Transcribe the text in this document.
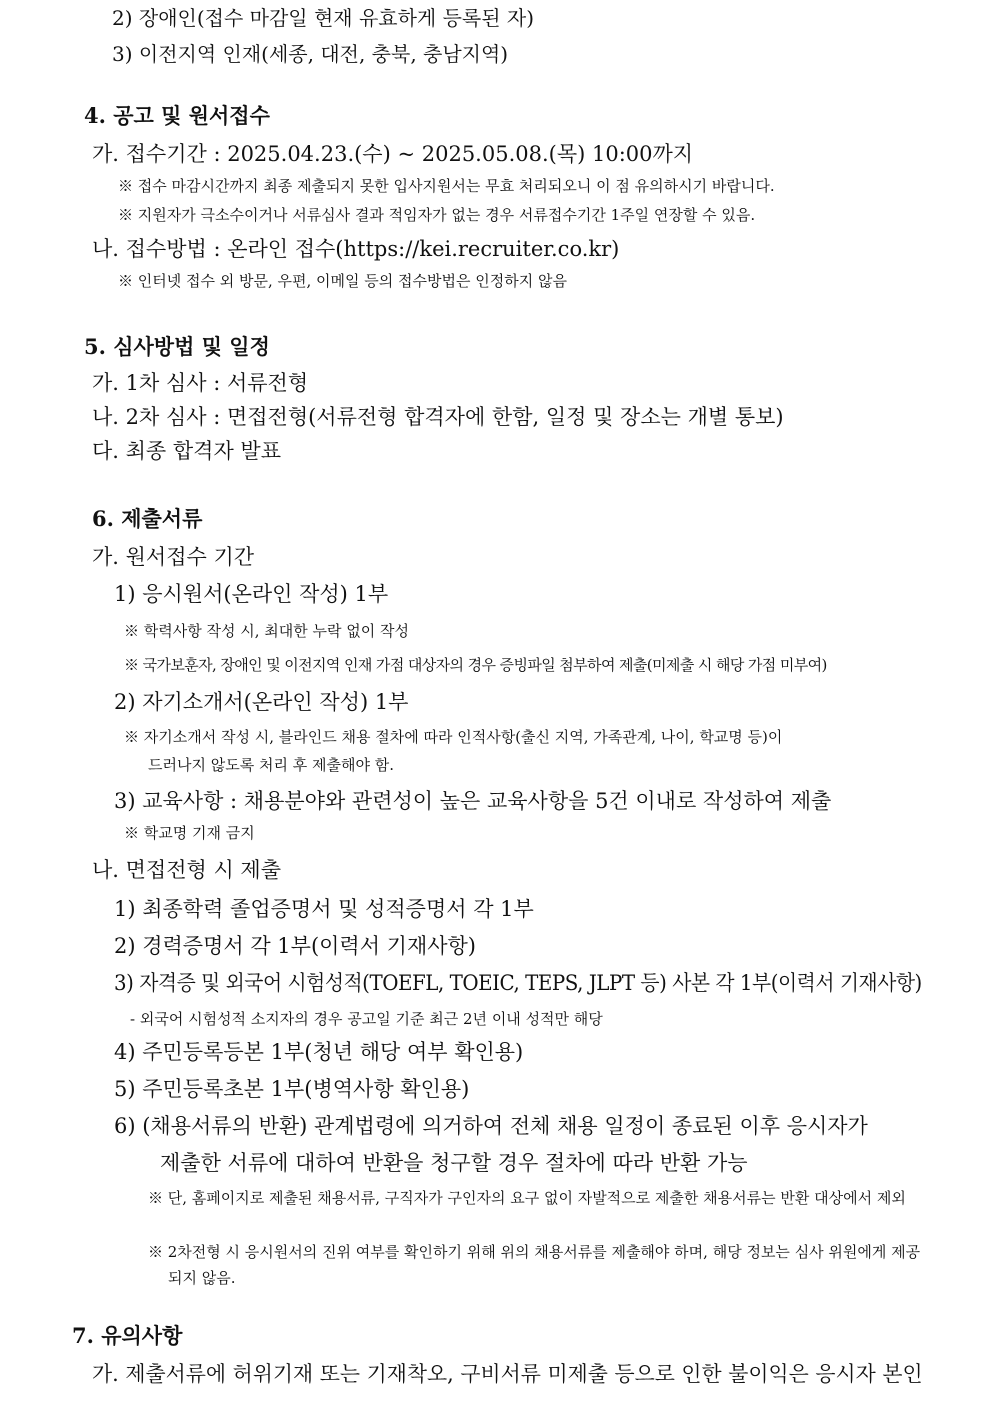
2) 장애인(접수 마감일 현재 유효하게 등록된 자)
3) 이전지역 인재(세종, 대전, 충북, 충남지역)
4. 공고 및 원서접수
가. 접수기간 : 2025.04.23.(수) ~ 2025.05.08.(목) 10:00까지
※ 접수 마감시간까지 최종 제출되지 못한 입사지원서는 무효 처리되오니 이 점 유의하시기 바랍니다.
※ 지원자가 극소수이거나 서류심사 결과 적임자가 없는 경우 서류접수기간 1주일 연장할 수 있음.
나. 접수방법 : 온라인 접수(https://kei.recruiter.co.kr)
※ 인터넷 접수 외 방문, 우편, 이메일 등의 접수방법은 인정하지 않음
5. 심사방법 및 일정
가. 1차 심사 : 서류전형
나. 2차 심사 : 면접전형(서류전형 합격자에 한함, 일정 및 장소는 개별 통보)
다. 최종 합격자 발표
6. 제출서류
가. 원서접수 기간
1) 응시원서(온라인 작성) 1부
※ 학력사항 작성 시, 최대한 누락 없이 작성
※ 국가보훈자, 장애인 및 이전지역 인재 가점 대상자의 경우 증빙파일 첨부하여 제출(미제출 시 해당 가점 미부여)
2) 자기소개서(온라인 작성) 1부
※ 자기소개서 작성 시, 블라인드 채용 절차에 따라 인적사항(출신 지역, 가족관계, 나이, 학교명 등)이
드러나지 않도록 처리 후 제출해야 함.
3) 교육사항 : 채용분야와 관련성이 높은 교육사항을 5건 이내로 작성하여 제출
※ 학교명 기재 금지
나. 면접전형 시 제출
1) 최종학력 졸업증명서 및 성적증명서 각 1부
2) 경력증명서 각 1부(이력서 기재사항)
3) 자격증 및 외국어 시험성적(TOEFL, TOEIC, TEPS, JLPT 등) 사본 각 1부(이력서 기재사항)
- 외국어 시험성적 소지자의 경우 공고일 기준 최근 2년 이내 성적만 해당
4) 주민등록등본 1부(청년 해당 여부 확인용)
5) 주민등록초본 1부(병역사항 확인용)
6) (채용서류의 반환) 관계법령에 의거하여 전체 채용 일정이 종료된 이후 응시자가
제출한 서류에 대하여 반환을 청구할 경우 절차에 따라 반환 가능
※ 단, 홈페이지로 제출된 채용서류, 구직자가 구인자의 요구 없이 자발적으로 제출한 채용서류는 반환 대상에서 제외
※ 2차전형 시 응시원서의 진위 여부를 확인하기 위해 위의 채용서류를 제출해야 하며, 해당 정보는 심사 위원에게 제공되지 않음.
7. 유의사항
가. 제출서류에 허위기재 또는 기재착오, 구비서류 미제출 등으로 인한 불이익은 응시자 본인
